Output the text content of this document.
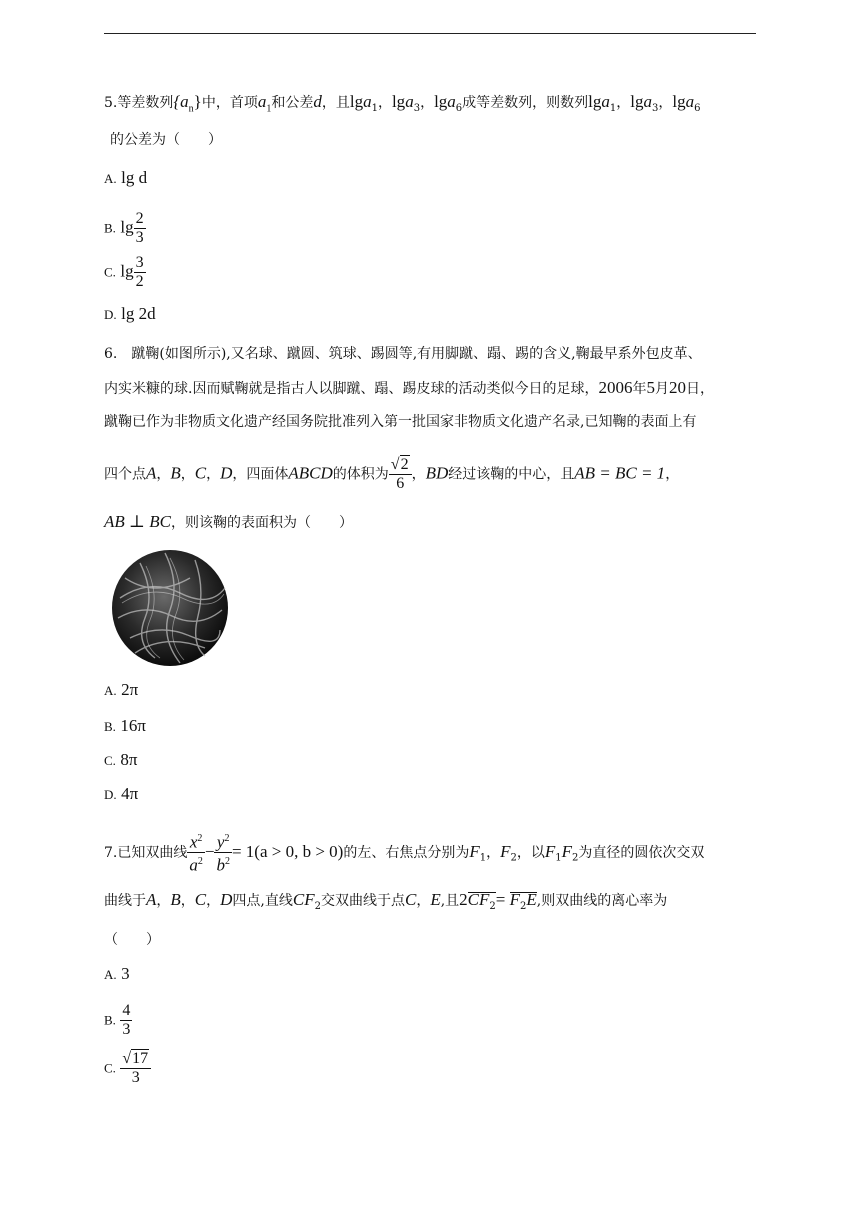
5.等差数列$\{a_n\}$中，首项$a_1$和公差d，且lga$_1$，lga$_3$，lga$_6$成等差数列，则数列lga$_1$，lga$_3$，lga$_6$
的公差为（　　）
A. lg d
B. $\lg \frac{2}{3}$
C. $\lg \frac{3}{2}$
D. lg 2d
6.　蹴鞠(如图所示),又名球、蹴圆、筑球、踢圆等,有用脚蹴、蹋、踢的含义,鞠最早系外包皮革、
内实米糠的球.因而赋鞠就是指古人以脚蹴、蹋、踢皮球的活动类似今日的足球，2006年5月20日，
蹴鞠已作为非物质文化遗产经国务院批准列入第一批国家非物质文化遗产名录,已知鞠的表面上有
四个点A，B，C，D，四面体ABCD的体积为 $\frac{√2}{6}$ ，BD经过该鞠的中心，且AB = BC = 1，
AB ⊥ BC，则该鞠的表面积为（　　）
A. 2π
B. 16π
C. 8π
D. 4π
7.已知双曲线 $\frac{x^2}{a^2} - \frac{y^2}{b^2} = 1(a > 0$, b > 0)的左、右焦点分别为$F_1$，$F_2$，以$F_1F_2$为直径的圆依次交双
曲线于A，B，C，D四点,直线$CF_2$交双曲线于点C，E,且$2CF_2= F_2E$,则双曲线的离心率为
（　　）
A. 3
B. $\frac{4}{3}$
C. $\frac{√17}{3}$
